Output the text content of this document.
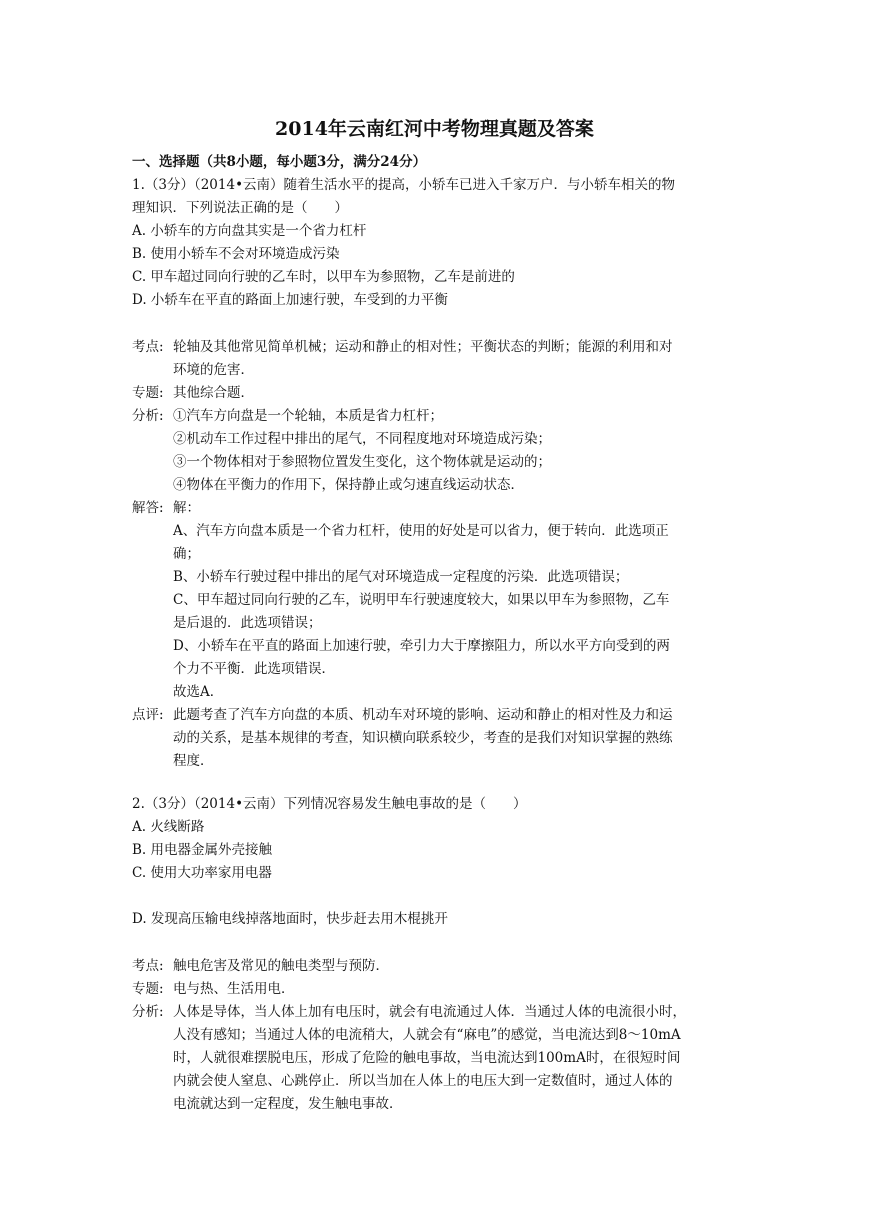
2014年云南红河中考物理真题及答案
一、选择题（共8小题，每小题3分，满分24分）
1.（3分）（2014•云南）随着生活水平的提高，小轿车已进入千家万户．与小轿车相关的物
理知识．下列说法正确的是（　　）
A. 小轿车的方向盘其实是一个省力杠杆
B. 使用小轿车不会对环境造成污染
C. 甲车超过同向行驶的乙车时，以甲车为参照物，乙车是前进的
D. 小轿车在平直的路面上加速行驶，车受到的力平衡
考点: 轮轴及其他常见简单机械；运动和静止的相对性；平衡状态的判断；能源的利用和对
环境的危害．
专题: 其他综合题．
分析: ①汽车方向盘是一个轮轴，本质是省力杠杆；
②机动车工作过程中排出的尾气，不同程度地对环境造成污染；
③一个物体相对于参照物位置发生变化，这个物体就是运动的；
④物体在平衡力的作用下，保持静止或匀速直线运动状态．
解答: 解：
A、汽车方向盘本质是一个省力杠杆，使用的好处是可以省力，便于转向．此选项正
确；
B、小轿车行驶过程中排出的尾气对环境造成一定程度的污染．此选项错误；
C、甲车超过同向行驶的乙车，说明甲车行驶速度较大，如果以甲车为参照物，乙车
是后退的．此选项错误；
D、小轿车在平直的路面上加速行驶，牵引力大于摩擦阻力，所以水平方向受到的两
个力不平衡．此选项错误．
故选A．
点评: 此题考查了汽车方向盘的本质、机动车对环境的影响、运动和静止的相对性及力和运
动的关系，是基本规律的考查，知识横向联系较少，考查的是我们对知识掌握的熟练
程度．
2.（3分）（2014•云南）下列情况容易发生触电事故的是（　　）
A. 火线断路
B. 用电器金属外壳接触
C. 使用大功率家用电器
D. 发现高压输电线掉落地面时，快步赶去用木棍挑开
考点: 触电危害及常见的触电类型与预防．
专题: 电与热、生活用电．
分析: 人体是导体，当人体上加有电压时，就会有电流通过人体．当通过人体的电流很小时，
人没有感知；当通过人体的电流稍大，人就会有“麻电”的感觉，当电流达到8～10mA
时，人就很难摆脱电压，形成了危险的触电事故，当电流达到100mA时，在很短时间
内就会使人窒息、心跳停止．所以当加在人体上的电压大到一定数值时，通过人体的
电流就达到一定程度，发生触电事故．
